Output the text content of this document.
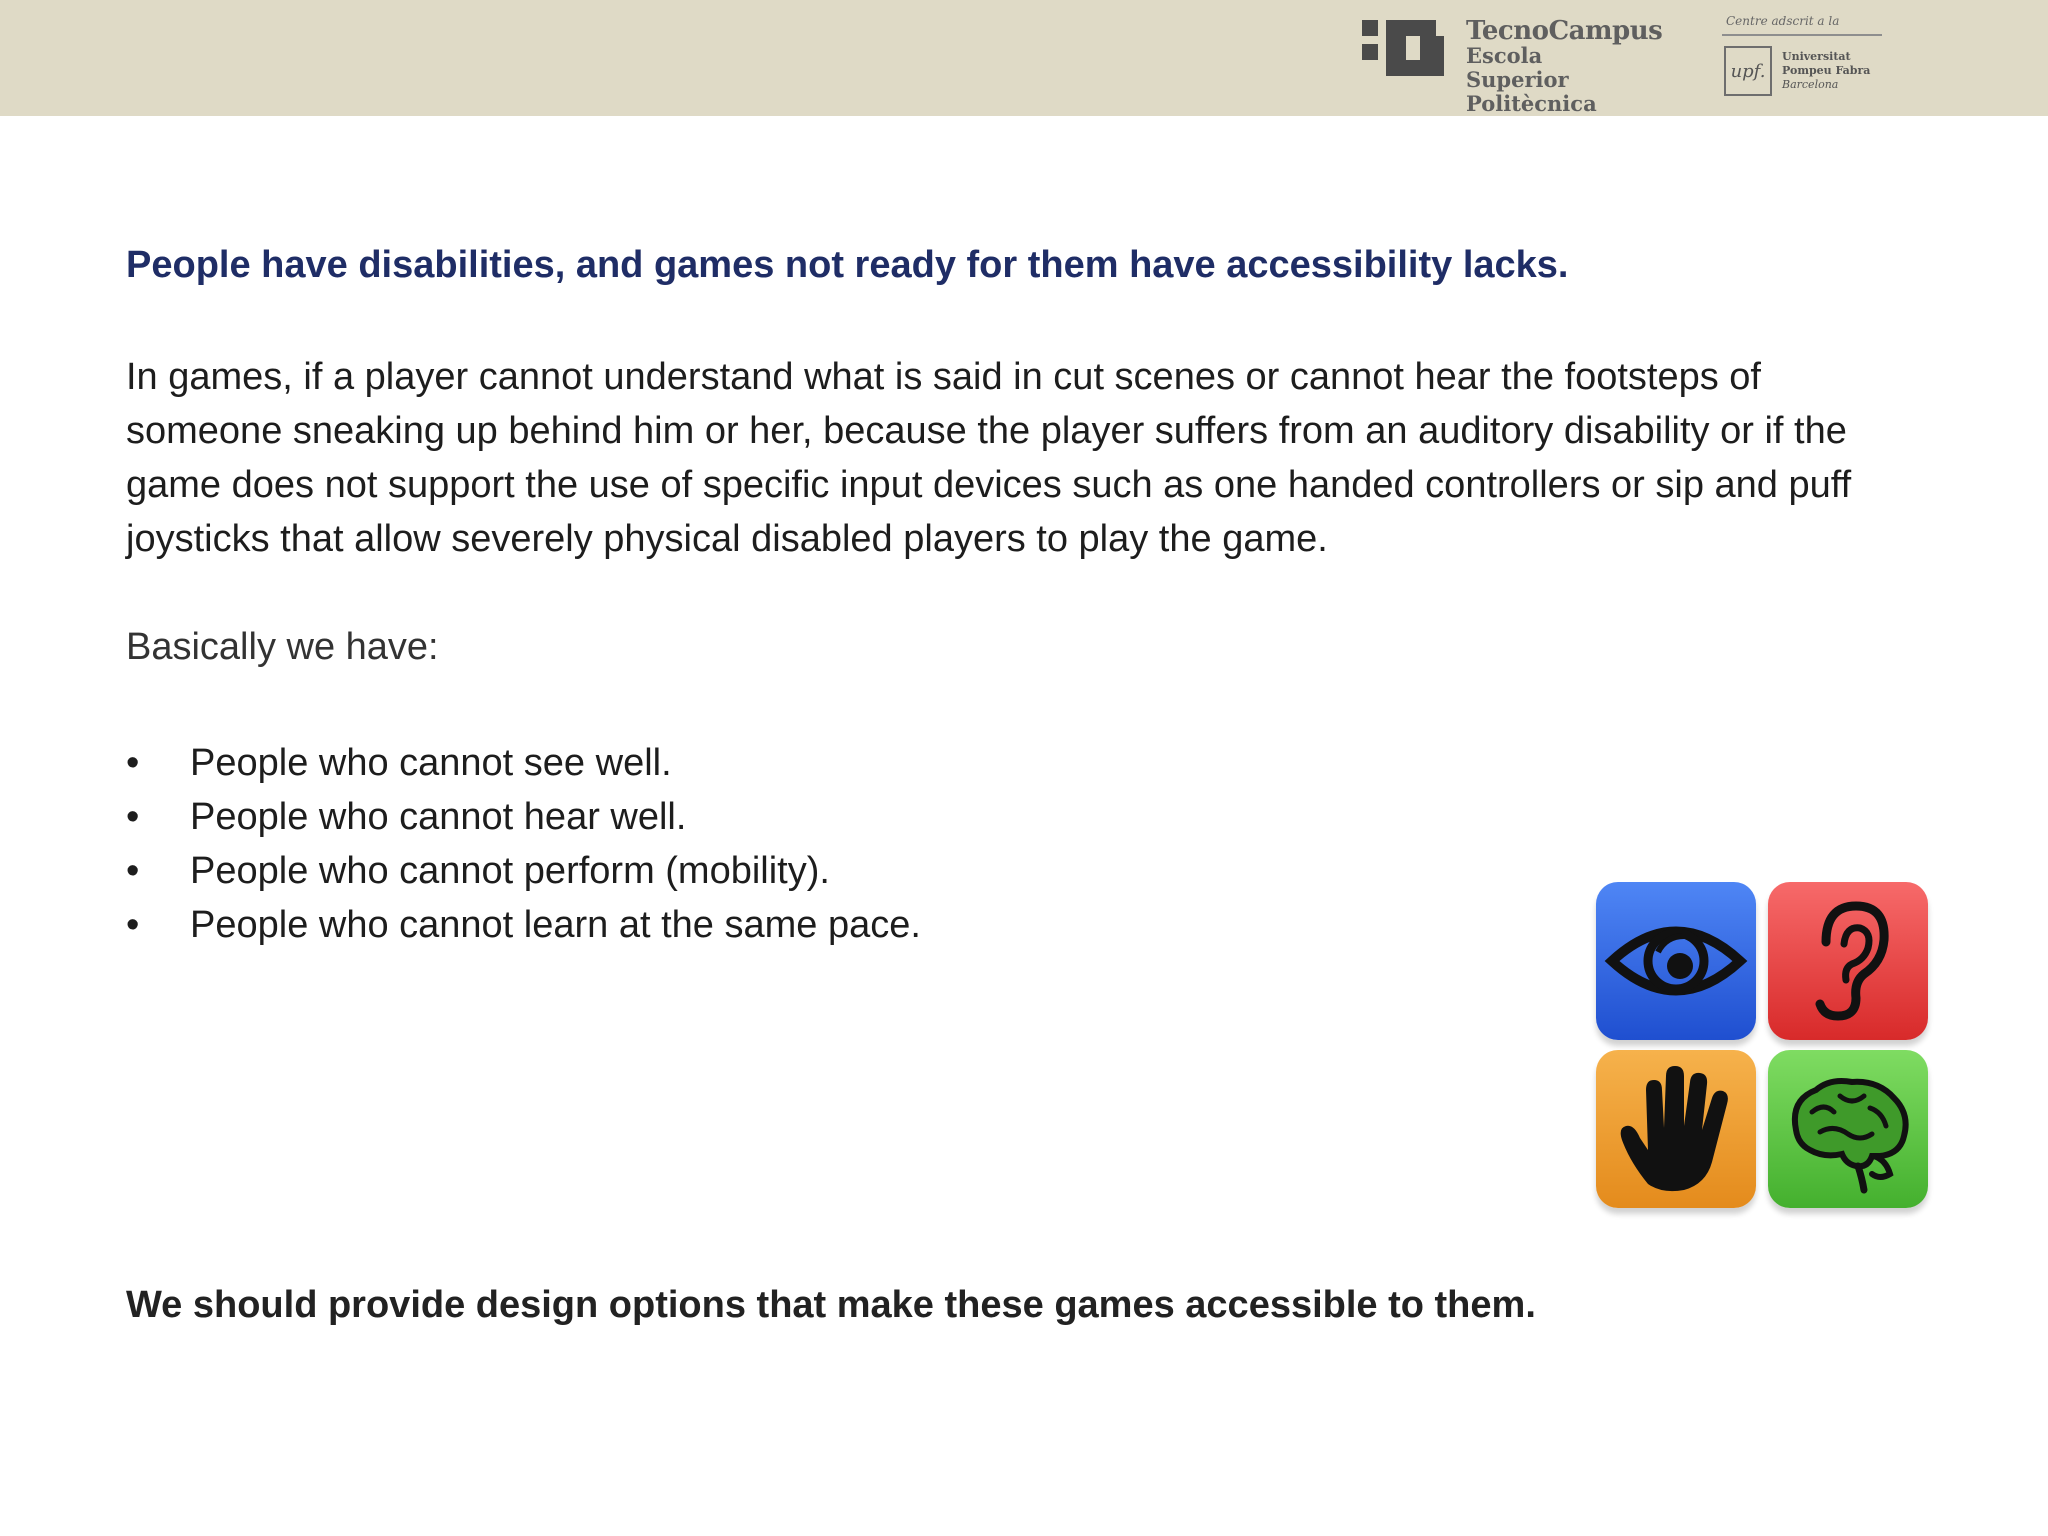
TecnoCampus
Escola Superior
Politècnica
Centre adscrit a la
upf.
Universitat
Pompeu Fabra
Barcelona
People have disabilities, and games not ready for them have accessibility lacks.

In games, if a player cannot understand what is said in cut scenes or cannot hear the footsteps of someone sneaking up behind him or her, because the player suffers from an auditory disability or if the game does not support the use of specific input devices such as one handed controllers or sip and puff joysticks that allow severely physical disabled players to play the game.

Basically we have:
• People who cannot see well.
• People who cannot hear well.
• People who cannot perform (mobility).
• People who cannot learn at the same pace.
We should provide design options that make these games accessible to them.
